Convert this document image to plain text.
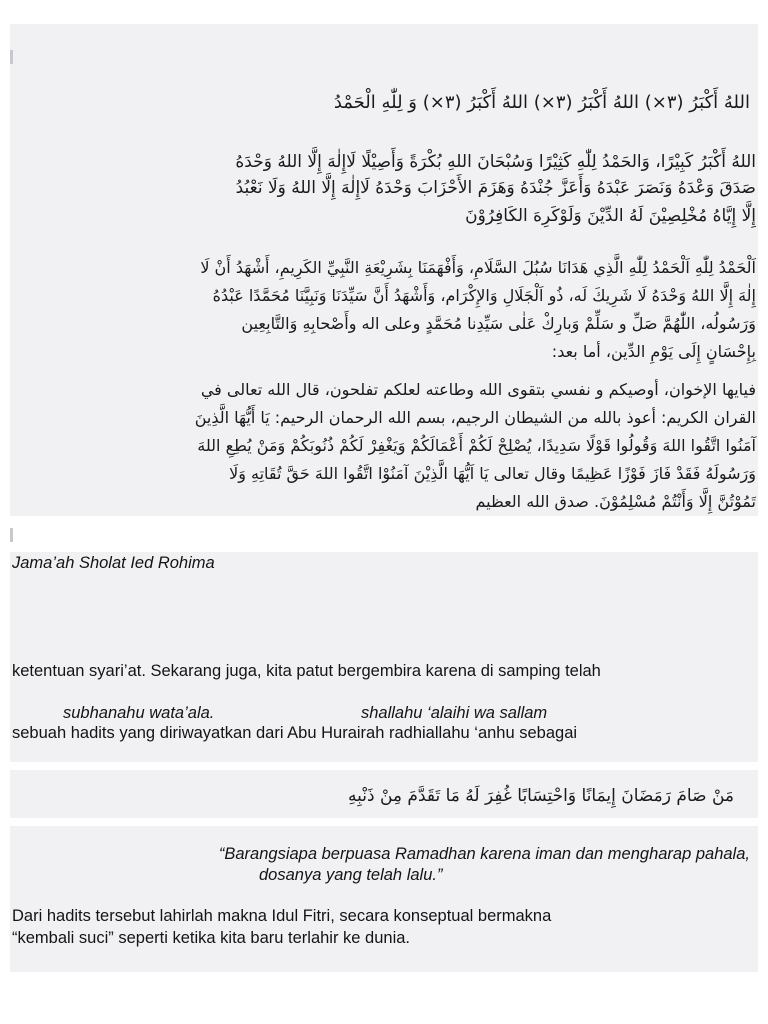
اللهُ أَكْبَرُ (٣×) اللهُ أَكْبَرُ (٣×) اللهُ أَكْبَرُ (٣×) وَ لِلّٰهِ الْحَمْدُ
اللهُ أَكْبَرُ كَبِيْرًا، وَالحَمْدُ لِلّٰهِ كَثِيْرًا وَسُبْحَانَ اللهِ بُكْرَةً وَأَصِيْلًا لَاإِلٰهَ إِلَّا اللهُ وَحْدَهُ
صَدَقَ وَعْدَهُ وَنَصَرَ عَبْدَهُ وَأَعَزَّ جُنْدَهُ وَهَزَمَ الأَحْزَابَ وَحْدَهُ لَاإِلٰهَ إِلَّا اللهُ وَلَا نَعْبُدُ
إِلَّا إِيَّاهُ مُخْلِصِيْنَ لَهُ الدِّيْنَ وَلَوْكَرِهَ الكَافِرُوْنَ
اَلْحَمْدُ لِلّٰهِ اَلْحَمْدُ لِلّٰهِ الَّذِي هَدَانَا سُبُلَ السَّلَامِ، وَأَفْهَمَنَا بِشَرِيْعَةِ النَّبِيِّ الكَرِيمِ، أَشْهَدُ أَنْ لَا
إِلٰهَ إِلَّا اللهُ وَحْدَهُ لَا شَرِيكَ لَه، ذُو اَلْجَلَالِ وَالإِكْرَام، وَأَشْهَدُ أَنَّ سَيِّدَنَا وَنَبِيَّنَا مُحَمَّدًا عَبْدُهُ
وَرَسُولُه، اللّٰهُمَّ صَلِّ و سَلِّمْ وَبارِكْ عَلٰى سَيِّدِنا مُحَمَّدٍ وعلى اله وأَصْحابِهِ وَالتَّابِعِين
بِإِحْسَانٍ إِلَى يَوْمِ الدِّين، أما بعد:
فيايها الإخوان، أوصيكم و نفسي بتقوى الله وطاعته لعلكم تفلحون، قال الله تعالى في
القران الكريم: أعوذ بالله من الشيطان الرجيم، بسم الله الرحمان الرحيم: يَا أَيُّهَا الَّذِينَ
آمَنُوا اتَّقُوا اللهَ وَقُولُوا قَوْلًا سَدِيدًا، يُصْلِحْ لَكُمْ أَعْمَالَكُمْ وَيَغْفِرْ لَكُمْ ذُنُوبَكُمْ وَمَنْ يُطِعِ اللهَ
وَرَسُولَهُ فَقَدْ فَازَ فَوْزًا عَظِيمًا وقال تعالى يَا اَيُّهَا الَّذِيْنَ آمَنُوْا اتَّقُوا اللهَ حَقَّ تُقَاتِهِ وَلَا
تَمُوْتُنَّ إِلَّا وَأَنْتُمْ مُسْلِمُوْنَ. صدق الله العظيم
Jama’ah Sholat Ied Rohima
ketentuan syari’at. Sekarang juga, kita patut bergembira karena di samping telah
subhanahu wata’ala.	shallahu ‘alaihi wa sallam
sebuah hadits yang diriwayatkan dari Abu Hurairah radhiallahu ‘anhu sebagai
مَنْ صَامَ رَمَضَانَ إِيمَانًا وَاحْتِسَابًا غُفِرَ لَهُ مَا تَقَدَّمَ مِنْ ذَنْبِهِ
“Barangsiapa berpuasa Ramadhan karena iman dan mengharap pahala,
dosanya yang telah lalu.”
Dari hadits tersebut lahirlah makna Idul Fitri, secara konseptual bermakna
“kembali suci” seperti ketika kita baru terlahir ke dunia.
